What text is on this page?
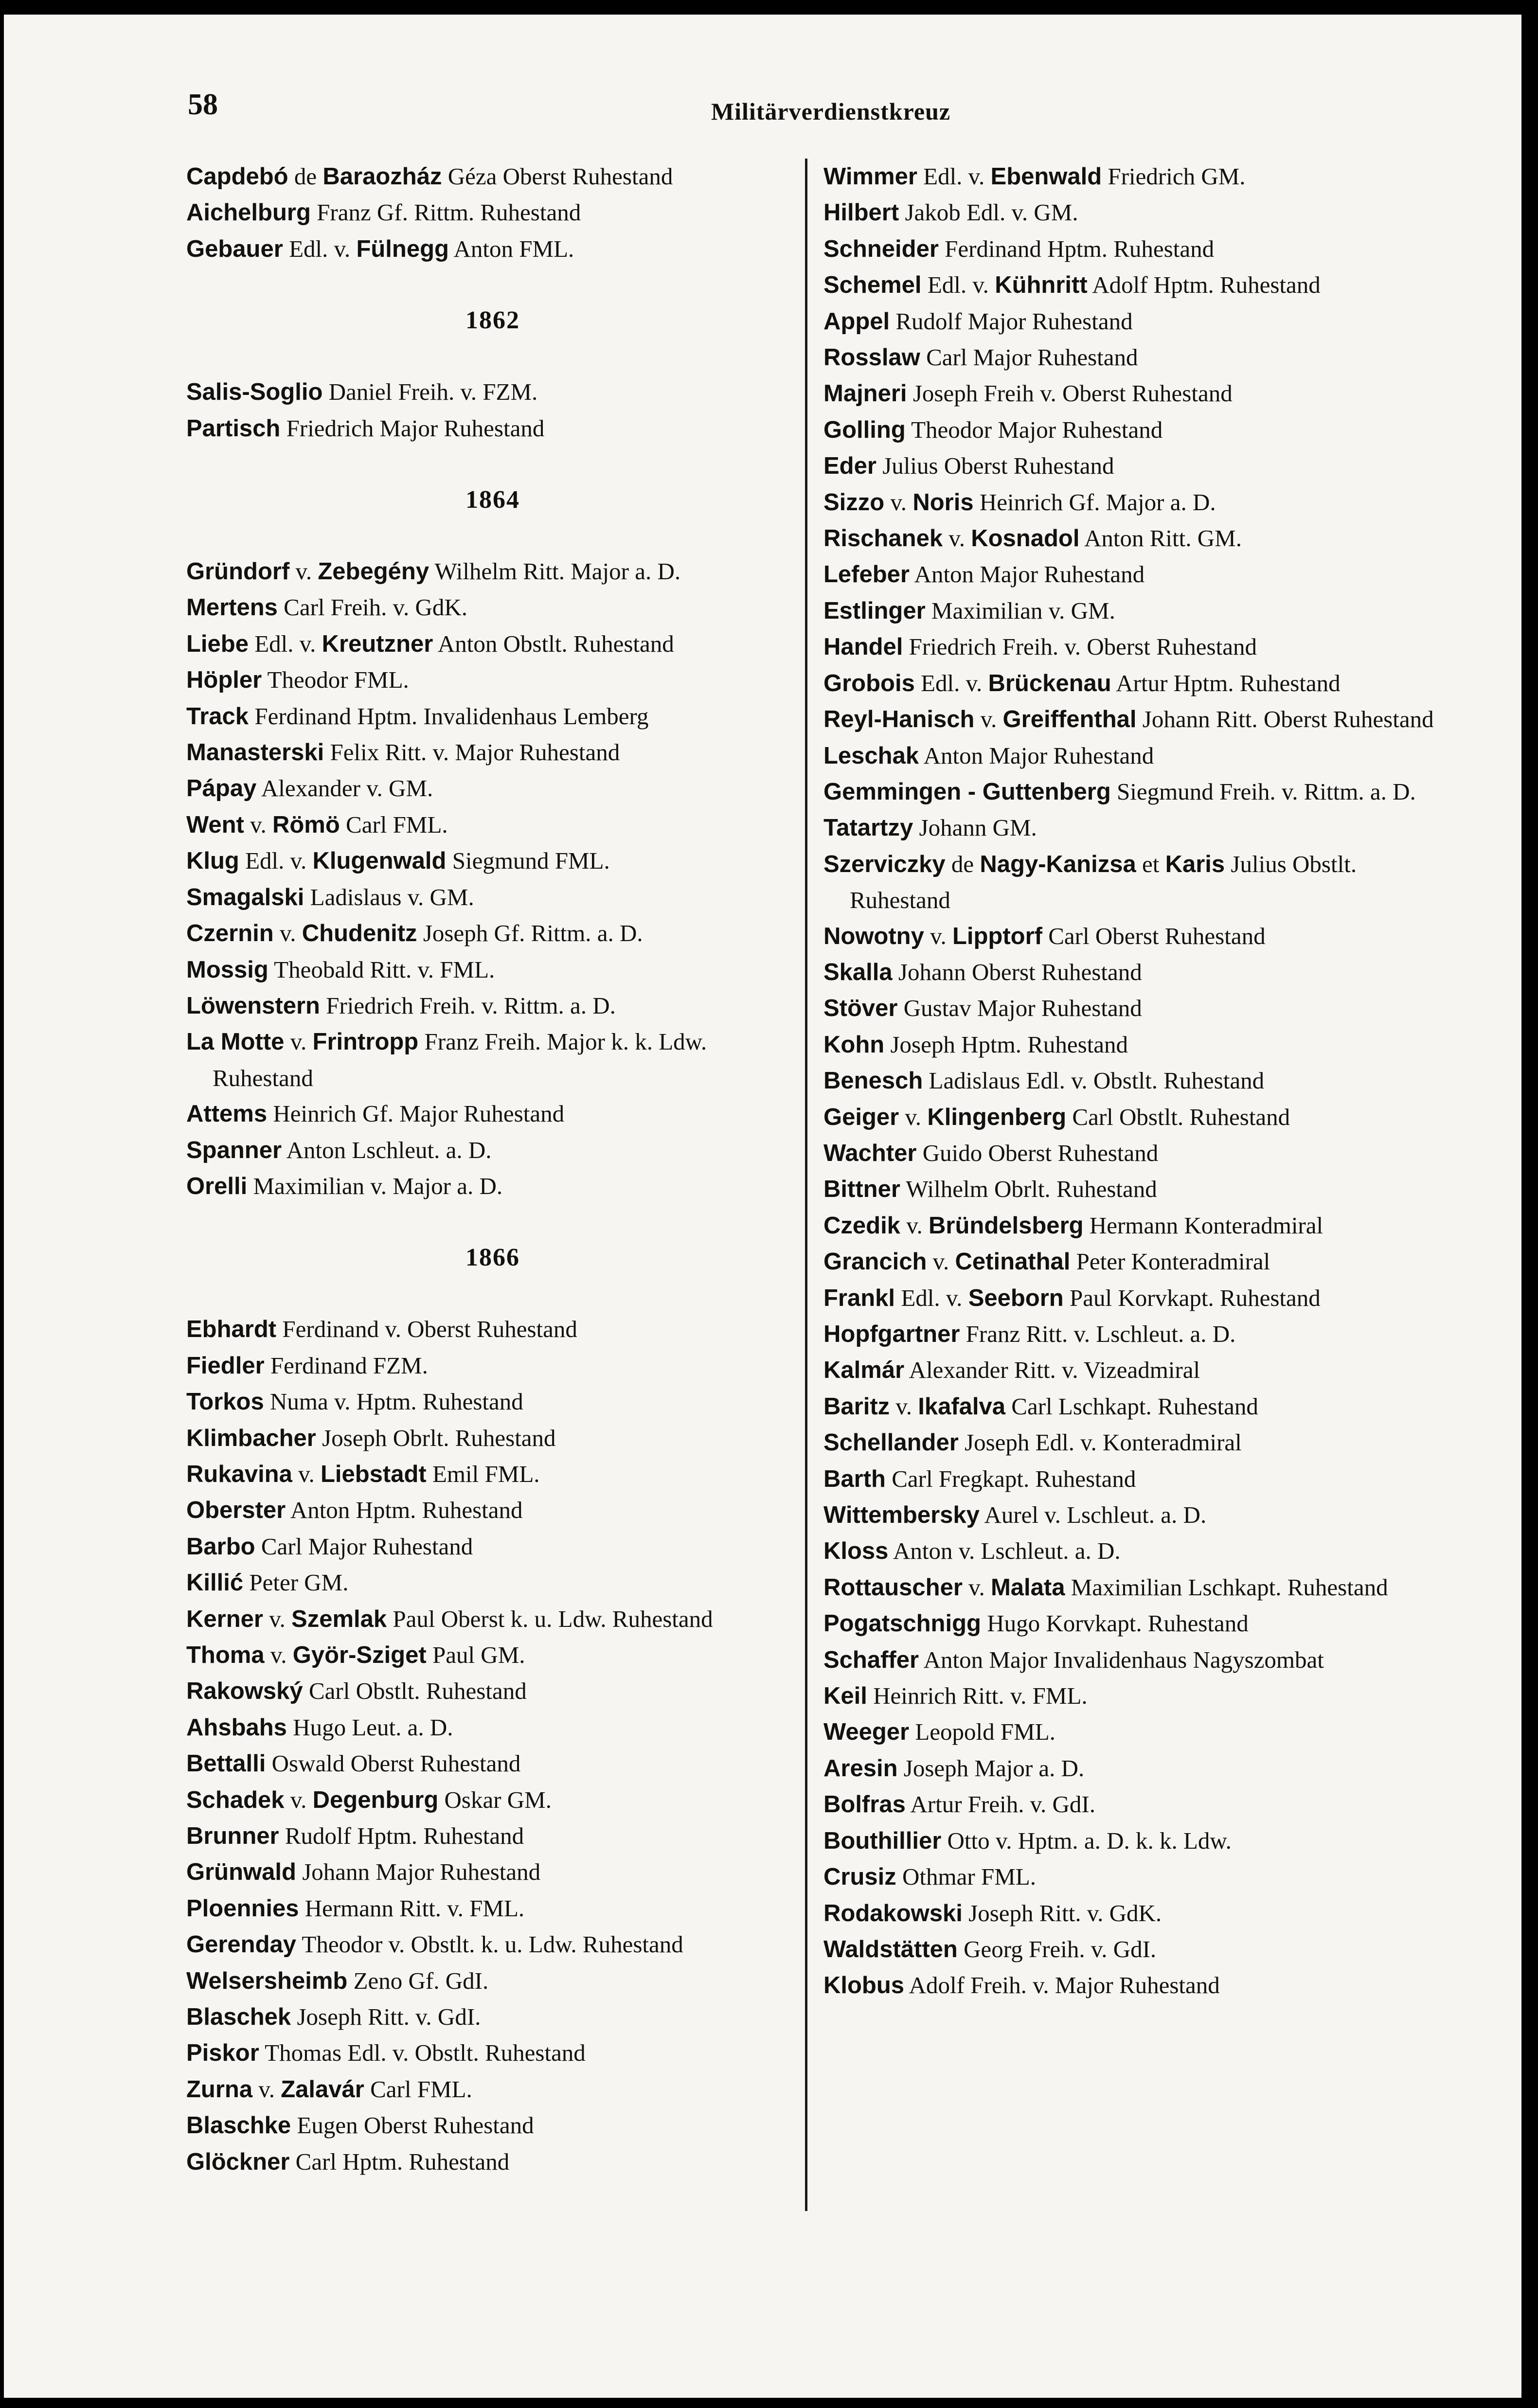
58	Militärverdienstkreuz
Capdebó de Baraozház Géza Oberst Ruhestand
Aichelburg Franz Gf. Rittm. Ruhestand
Gebauer Edl. v. Fülnegg Anton FML.
1862
Salis-Soglio Daniel Freih. v. FZM.
Partisch Friedrich Major Ruhestand
1864
Gründorf v. Zebegény Wilhelm Ritt. Major a. D.
Mertens Carl Freih. v. GdK.
Liebe Edl. v. Kreutzner Anton Obstlt. Ruhestand
Höpler Theodor FML.
Track Ferdinand Hptm. Invalidenhaus Lemberg
Manasterski Felix Ritt. v. Major Ruhestand
Pápay Alexander v. GM.
Went v. Römö Carl FML.
Klug Edl. v. Klugenwald Siegmund FML.
Smagalski Ladislaus v. GM.
Czernin v. Chudenitz Joseph Gf. Rittm. a. D.
Mossig Theobald Ritt. v. FML.
Löwenstern Friedrich Freih. v. Rittm. a. D.
La Motte v. Frintropp Franz Freih. Major k. k. Ldw. Ruhestand
Attems Heinrich Gf. Major Ruhestand
Spanner Anton Lschleut. a. D.
Orelli Maximilian v. Major a. D.
1866
Ebhardt Ferdinand v. Oberst Ruhestand
Fiedler Ferdinand FZM.
Torkos Numa v. Hptm. Ruhestand
Klimbacher Joseph Obrlt. Ruhestand
Rukavina v. Liebstadt Emil FML.
Oberster Anton Hptm. Ruhestand
Barbo Carl Major Ruhestand
Killić Peter GM.
Kerner v. Szemlak Paul Oberst k. u. Ldw. Ruhestand
Thoma v. Györ-Sziget Paul GM.
Rakowský Carl Obstlt. Ruhestand
Ahsbahs Hugo Leut. a. D.
Bettalli Oswald Oberst Ruhestand
Schadek v. Degenburg Oskar GM.
Brunner Rudolf Hptm. Ruhestand
Grünwald Johann Major Ruhestand
Ploennies Hermann Ritt. v. FML.
Gerenday Theodor v. Obstlt. k. u. Ldw. Ruhestand
Welsersheimb Zeno Gf. GdI.
Blaschek Joseph Ritt. v. GdI.
Piskor Thomas Edl. v. Obstlt. Ruhestand
Zurna v. Zalavár Carl FML.
Blaschke Eugen Oberst Ruhestand
Glöckner Carl Hptm. Ruhestand
Wimmer Edl. v. Ebenwald Friedrich GM.
Hilbert Jakob Edl. v. GM.
Schneider Ferdinand Hptm. Ruhestand
Schemel Edl. v. Kühnritt Adolf Hptm. Ruhestand
Appel Rudolf Major Ruhestand
Rosslaw Carl Major Ruhestand
Majneri Joseph Freih v. Oberst Ruhestand
Golling Theodor Major Ruhestand
Eder Julius Oberst Ruhestand
Sizzo v. Noris Heinrich Gf. Major a. D.
Rischanek v. Kosnadol Anton Ritt. GM.
Lefeber Anton Major Ruhestand
Estlinger Maximilian v. GM.
Handel Friedrich Freih. v. Oberst Ruhestand
Grobois Edl. v. Brückenau Artur Hptm. Ruhestand
Reyl-Hanisch v. Greiffenthal Johann Ritt. Oberst Ruhestand
Leschak Anton Major Ruhestand
Gemmingen - Guttenberg Siegmund Freih. v. Rittm. a. D.
Tatartzy Johann GM.
Szerviczky de Nagy-Kanizsa et Karis Julius Obstlt. Ruhestand
Nowotny v. Lipptorf Carl Oberst Ruhestand
Skalla Johann Oberst Ruhestand
Stöver Gustav Major Ruhestand
Kohn Joseph Hptm. Ruhestand
Benesch Ladislaus Edl. v. Obstlt. Ruhestand
Geiger v. Klingenberg Carl Obstlt. Ruhestand
Wachter Guido Oberst Ruhestand
Bittner Wilhelm Obrlt. Ruhestand
Czedik v. Bründelsberg Hermann Konteradmiral
Grancich v. Cetinathal Peter Konteradmiral
Frankl Edl. v. Seeborn Paul Korvkapt. Ruhestand
Hopfgartner Franz Ritt. v. Lschleut. a. D.
Kalmár Alexander Ritt. v. Vizeadmiral
Baritz v. Ikafalva Carl Lschkapt. Ruhestand
Schellander Joseph Edl. v. Konteradmiral
Barth Carl Fregkapt. Ruhestand
Wittembersky Aurel v. Lschleut. a. D.
Kloss Anton v. Lschleut. a. D.
Rottauscher v. Malata Maximilian Lschkapt. Ruhestand
Pogatschnigg Hugo Korvkapt. Ruhestand
Schaffer Anton Major Invalidenhaus Nagyszombat
Keil Heinrich Ritt. v. FML.
Weeger Leopold FML.
Aresin Joseph Major a. D.
Bolfras Artur Freih. v. GdI.
Bouthillier Otto v. Hptm. a. D. k. k. Ldw.
Crusiz Othmar FML.
Rodakowski Joseph Ritt. v. GdK.
Waldstätten Georg Freih. v. GdI.
Klobus Adolf Freih. v. Major Ruhestand
